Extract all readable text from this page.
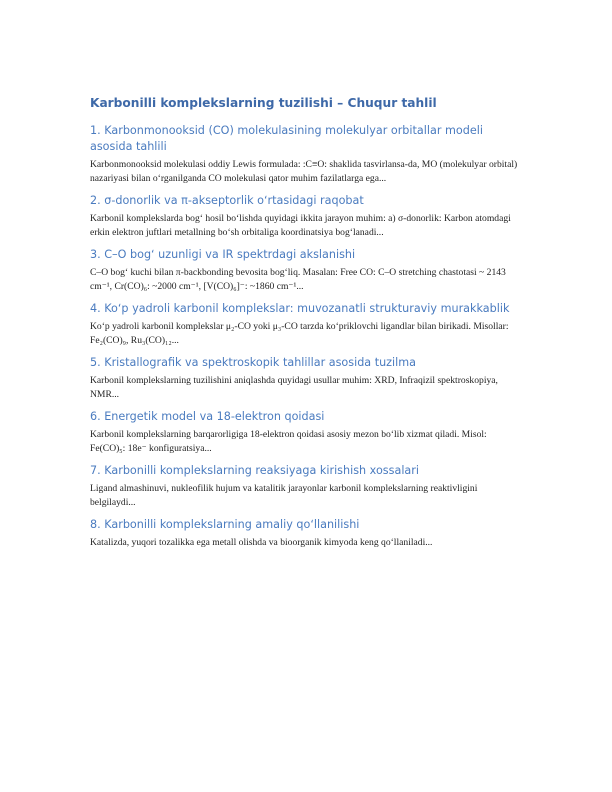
Karbonilli komplekslarning tuzilishi – Chuqur tahlil
1. Karbonmonooksid (CO) molekulasining molekulyar orbitallar modeli asosida tahlili

Karbonmonooksid molekulasi oddiy Lewis formulada: :C≡O: shaklida tasvirlansa-da, MO (molekulyar orbital) nazariyasi bilan oʻrganilganda CO molekulasi qator muhim fazilatlarga ega...

2. σ-donorlik va π-akseptorlik oʻrtasidagi raqobat

Karbonil komplekslarda bogʻ hosil boʻlishda quyidagi ikkita jarayon muhim: a) σ-donorlik: Karbon atomdagi erkin elektron juftlari metallning boʻsh orbitaliga koordinatsiya bogʻlanadi...

3. C–O bogʻ uzunligi va IR spektrdagi akslanishi

C–O bogʻ kuchi bilan π-backbonding bevosita bogʻliq. Masalan: Free CO: C–O stretching chastotasi ~ 2143 cm⁻¹, Cr(CO)₆: ~2000 cm⁻¹, [V(CO)₆]⁻: ~1860 cm⁻¹...

4. Koʻp yadroli karbonil komplekslar: muvozanatli strukturaviy murakkablik

Koʻp yadroli karbonil komplekslar μ₂-CO yoki μ₃-CO tarzda koʻpriklovchi ligandlar bilan birikadi. Misollar: Fe₂(CO)₉, Ru₃(CO)₁₂...

5. Kristallografik va spektroskopik tahlillar asosida tuzilma

Karbonil komplekslarning tuzilishini aniqlashda quyidagi usullar muhim: XRD, Infraqizil spektroskopiya, NMR...

6. Energetik model va 18-elektron qoidasi

Karbonil komplekslarning barqarorligiga 18-elektron qoidasi asosiy mezon boʻlib xizmat qiladi. Misol: Fe(CO)₅: 18e⁻ konfiguratsiya...

7. Karbonilli komplekslarning reaksiyaga kirishish xossalari

Ligand almashinuvi, nukleofilik hujum va katalitik jarayonlar karbonil komplekslarning reaktivligini belgilaydi...

8. Karbonilli komplekslarning amaliy qoʻllanilishi

Katalizda, yuqori tozalikka ega metall olishda va bioorganik kimyoda keng qoʻllaniladi...
